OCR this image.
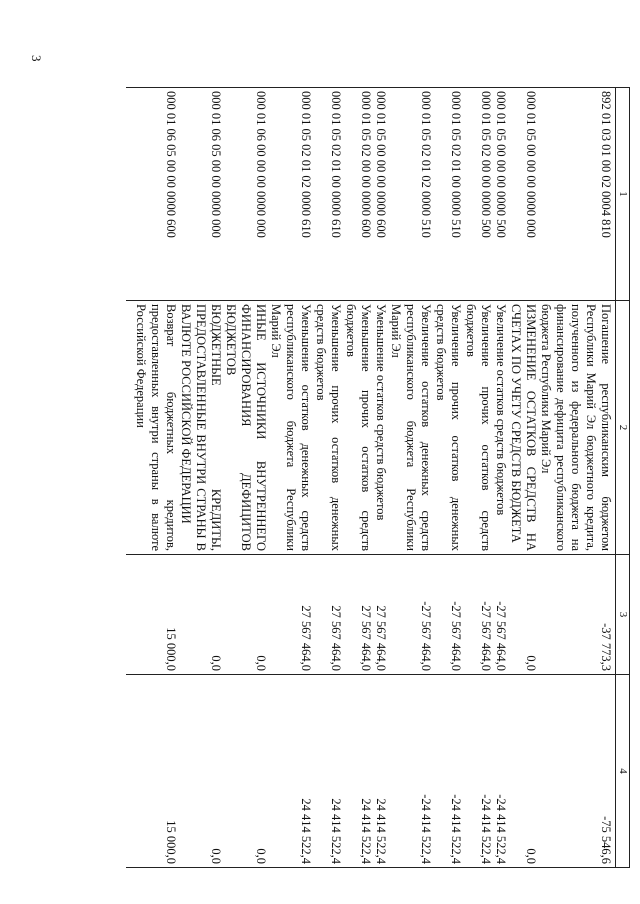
3
1	2	3	4
892 01 03 01 00 02 0004 810	Погашение республиканским бюджетом Республики Марий Эл бюджетного кредита, полученного из федерального бюджета на финансирование дефицита республиканского бюджета Республики Марий Эл	-37 773,3	-75 546,6
000 01 05 00 00 00 0000 000	ИЗМЕНЕНИЕ ОСТАТКОВ СРЕДСТВ НА СЧЕТАХ ПО УЧЕТУ СРЕДСТВ БЮДЖЕТА	0,0	0,0
000 01 05 00 00 00 0000 500	Увеличение остатков средств бюджетов	-27 567 464,0	-24 414 522,4
000 01 05 02 00 00 0000 500	Увеличение прочих остатков средств бюджетов	-27 567 464,0	-24 414 522,4
000 01 05 02 01 00 0000 510	Увеличение прочих остатков денежных средств бюджетов	-27 567 464,0	-24 414 522,4
000 01 05 02 01 02 0000 510	Увеличение остатков денежных средств республиканского бюджета Республики Марий Эл	-27 567 464,0	-24 414 522,4
000 01 05 00 00 00 0000 600	Уменьшение остатков средств бюджетов	27 567 464,0	24 414 522,4
000 01 05 02 00 00 0000 600	Уменьшение прочих остатков средств бюджетов	27 567 464,0	24 414 522,4
000 01 05 02 01 00 0000 610	Уменьшение прочих остатков денежных средств бюджетов	27 567 464,0	24 414 522,4
000 01 05 02 01 02 0000 610	Уменьшение остатков денежных средств республиканского бюджета Республики Марий Эл	27 567 464,0	24 414 522,4
000 01 06 00 00 00 0000 000	ИНЫЕ ИСТОЧНИКИ ВНУТРЕННЕГО ФИНАНСИРОВАНИЯ ДЕФИЦИТОВ БЮДЖЕТОВ	0,0	0,0
000 01 06 05 00 00 0000 000	БЮДЖЕТНЫЕ КРЕДИТЫ, ПРЕДОСТАВЛЕННЫЕ ВНУТРИ СТРАНЫ В ВАЛЮТЕ РОССИЙСКОЙ ФЕДЕРАЦИИ	0,0	0,0
000 01 06 05 00 00 0000 600	Возврат бюджетных кредитов, предоставленных внутри страны в валюте Российской Федерации	15 000,0	15 000,0
